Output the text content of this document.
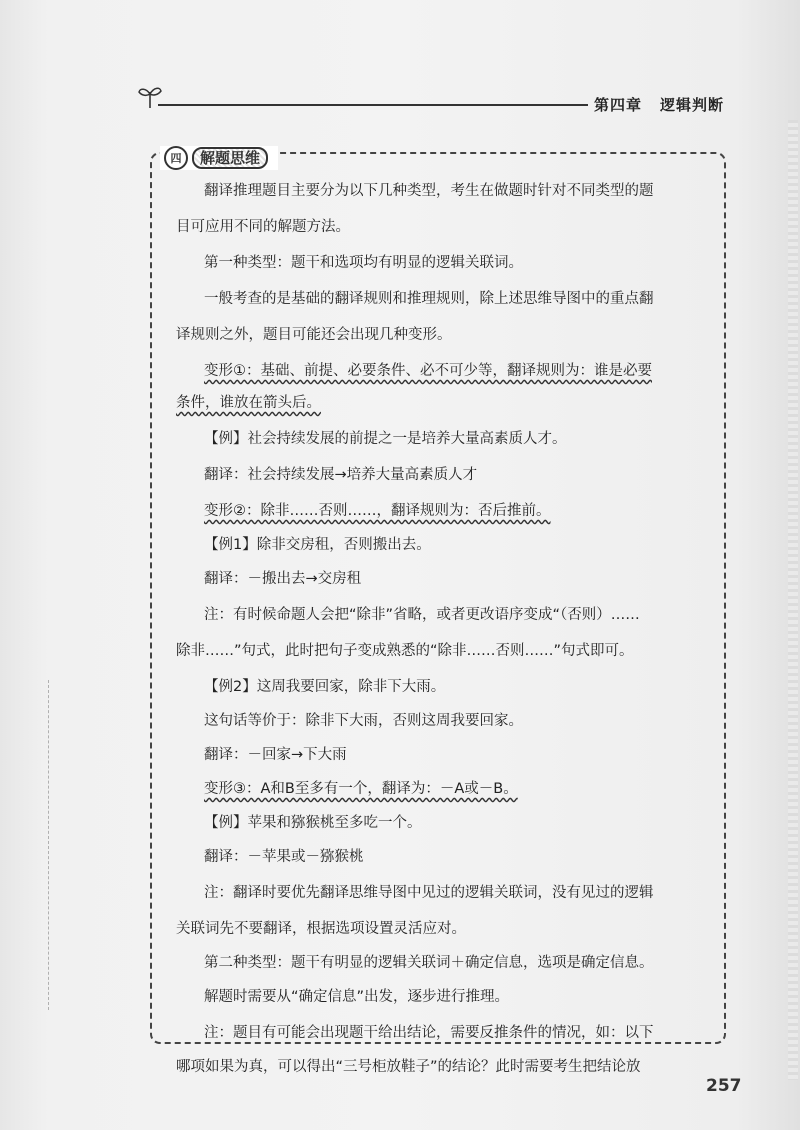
第四章 逻辑判断
四	解题思维
翻译推理题目主要分为以下几种类型，考生在做题时针对不同类型的题
目可应用不同的解题方法。
第一种类型：题干和选项均有明显的逻辑关联词。
一般考查的是基础的翻译规则和推理规则，除上述思维导图中的重点翻
译规则之外，题目可能还会出现几种变形。
变形①：基础、前提、必要条件、必不可少等，翻译规则为：谁是必要
条件，谁放在箭头后。
【例】社会持续发展的前提之一是培养大量高素质人才。
翻译：社会持续发展→培养大量高素质人才
变形②：除非……否则……，翻译规则为：否后推前。
【例1】除非交房租，否则搬出去。
翻译：－搬出去→交房租
注：有时候命题人会把“除非”省略，或者更改语序变成“（否则）……
除非……”句式，此时把句子变成熟悉的“除非……否则……”句式即可。
【例2】这周我要回家，除非下大雨。
这句话等价于：除非下大雨，否则这周我要回家。
翻译：－回家→下大雨
变形③：A和B至多有一个，翻译为：－A或－B。
【例】苹果和猕猴桃至多吃一个。
翻译：－苹果或－猕猴桃
注：翻译时要优先翻译思维导图中见过的逻辑关联词，没有见过的逻辑
关联词先不要翻译，根据选项设置灵活应对。
第二种类型：题干有明显的逻辑关联词＋确定信息，选项是确定信息。
解题时需要从“确定信息”出发，逐步进行推理。
注：题目有可能会出现题干给出结论，需要反推条件的情况，如：以下
哪项如果为真，可以得出“三号柜放鞋子”的结论？此时需要考生把结论放
257
